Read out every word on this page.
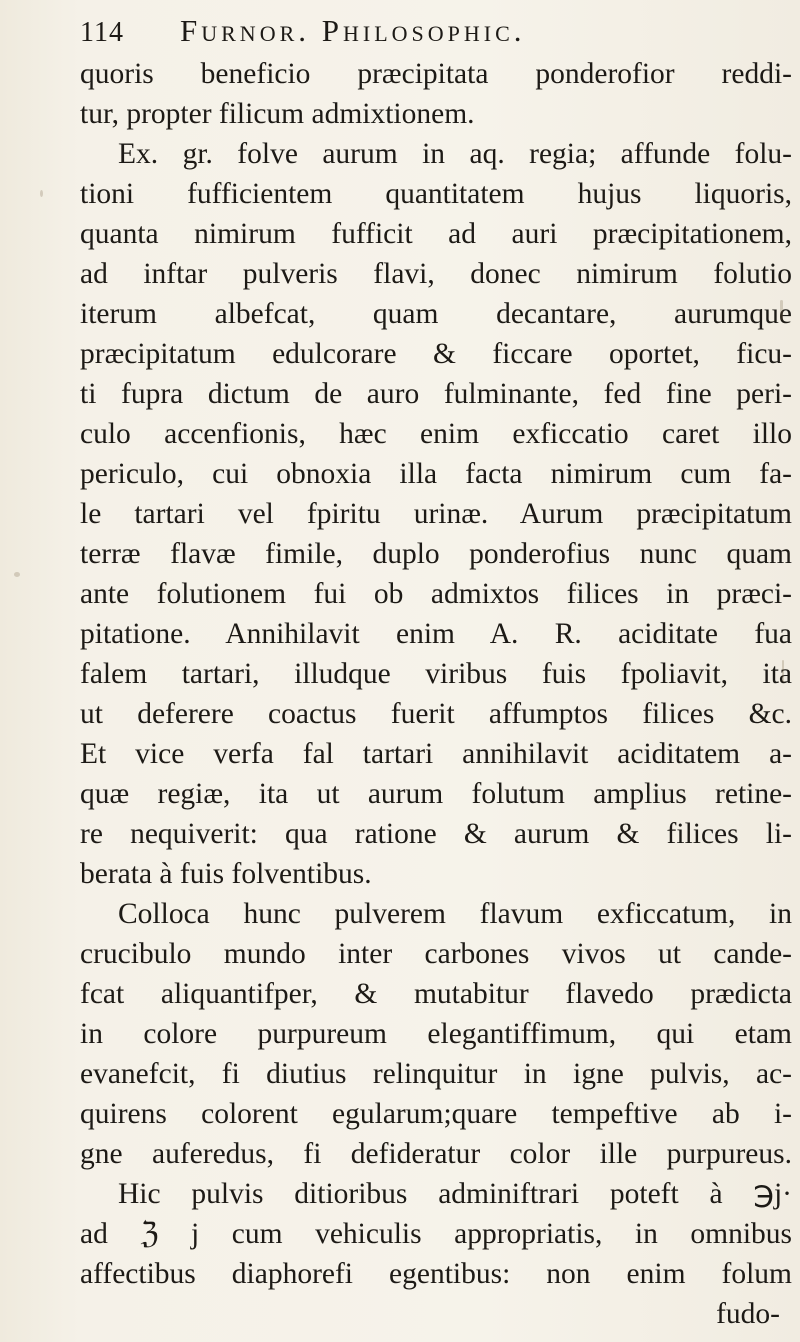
114 Furnor. Philosophic.
quoris beneficio præcipitata ponderofior reddi-
tur, propter filicum admixtionem.
Ex. gr. folve aurum in aq. regia; affunde folu-
tioni fufficientem quantitatem hujus liquoris,
quanta nimirum fufficit ad auri præcipitationem,
ad inftar pulveris flavi, donec nimirum folutio
iterum albefcat, quam decantare, aurumque
præcipitatum edulcorare & ficcare oportet, ficu-
ti fupra dictum de auro fulminante, fed fine peri-
culo accenfionis, hæc enim exficcatio caret illo
periculo, cui obnoxia illa facta nimirum cum fa-
le tartari vel fpiritu urinæ. Aurum præcipitatum
terræ flavæ fimile, duplo ponderofius nunc quam
ante folutionem fui ob admixtos filices in præci-
pitatione. Annihilavit enim A. R. aciditate fua
falem tartari, illudque viribus fuis fpoliavit, ita
ut deferere coactus fuerit affumptos filices &c.
Et vice verfa fal tartari annihilavit aciditatem a-
quæ regiæ, ita ut aurum folutum amplius retine-
re nequiverit: qua ratione & aurum & filices li-
berata à fuis folventibus.
Colloca hunc pulverem flavum exficcatum, in
crucibulo mundo inter carbones vivos ut cande-
fcat aliquantifper, & mutabitur flavedo prædicta
in colore purpureum elegantiffimum, qui etam
evanefcit, fi diutius relinquitur in igne pulvis, ac-
quirens colorent egularum;quare tempeftive ab i-
gne auferedus, fi defideratur color ille purpureus.
Hic pulvis ditioribus adminiftrari poteft à ℈j·
ad ℨ j cum vehiculis appropriatis, in omnibus
affectibus diaphorefi egentibus: non enim folum
fudo-
